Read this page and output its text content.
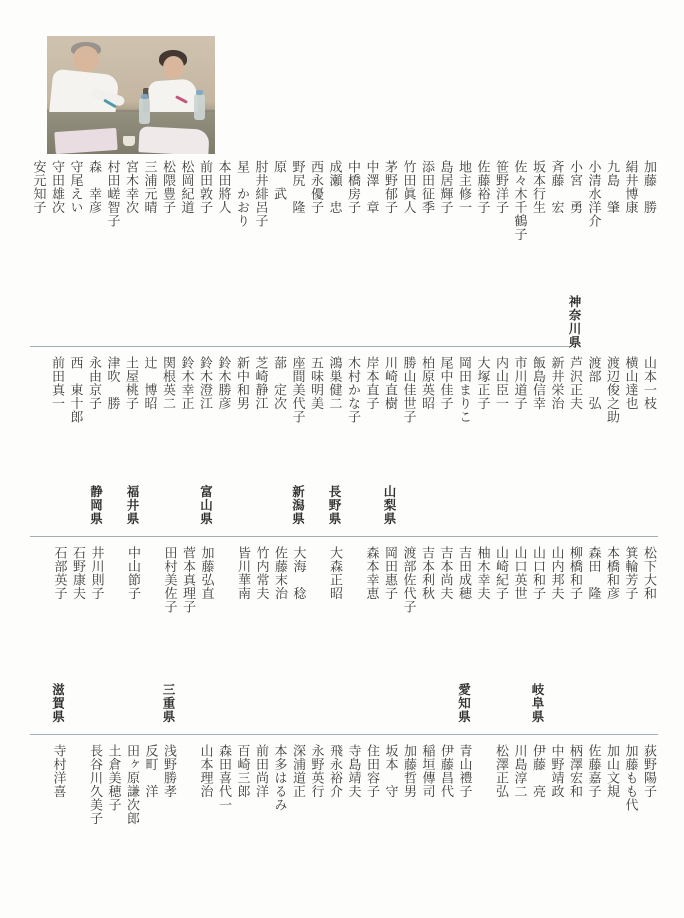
加藤　勝
絹井博康
九島　肇
小清水洋介
小宮　勇
斉藤　宏
坂本行生
佐々木千鶴子
笹野洋子
佐藤裕子
地主修一
島居輝子
添田征季
竹田眞人
茅野郁子
中澤　章
中橋房子
成瀬　忠
西永優子
野尻　隆
原　武
肘井緋呂子
星　かおり
本田將人
前田敦子
松岡紀道
松隈豊子
三浦元晴
宮木幸次
村田嵯智子
森　幸彦
守尾えい
守田雄次
安元知子
山本一枝
横山達也
渡辺俊之助
渡部　弘
神奈川県
芦沢正夫
新井栄治
飯島信幸
市川道子
内山臣一
大塚正子
岡田まりこ
尾中佳子
柏原英昭
勝山佳世子
川崎直樹
岸本直子
木村かな子
鴻巣健二
五味明美
座間美代子
蔀　定次
芝崎静江
新中和男
鈴木勝彦
鈴木澄江
鈴木幸正
関根英二
辻　博昭
土屋桃子
津吹　勝
永由京子
西　東十郎
前田真一
松下大和
箕輪芳子
本橋和彦
森田　隆
柳橋和子
山内邦夫
山口和子
山口英世
山崎紀子
柚木幸夫
吉田成穂
吉本尚夫
吉本利秋
渡部佐代子
山梨県
岡田惠子
森本幸恵
長野県
大森正昭
新潟県
大海　稔
佐藤末治
竹内常夫
皆川華南
富山県
加藤弘直
菅本真理子
田村美佐子
福井県
中山節子
静岡県
井川則子
石野康夫
石部英子
荻野陽子
加藤もも代
加山文規
佐藤嘉子
柄澤宏和
中野靖政
岐阜県
伊藤　亮
川島淳二
松澤正弘
愛知県
青山禮子
伊藤昌代
稲垣傳司
加藤哲男
坂本　守
住田容子
寺島靖夫
飛永裕介
永野英行
深浦道正
本多はるみ
前田尚洋
百崎三郎
森田喜代一
山本理治
三重県
浅野勝孝
反町　洋
田ヶ原謙次郎
土倉美穂子
長谷川久美子
滋賀県
寺村洋喜
